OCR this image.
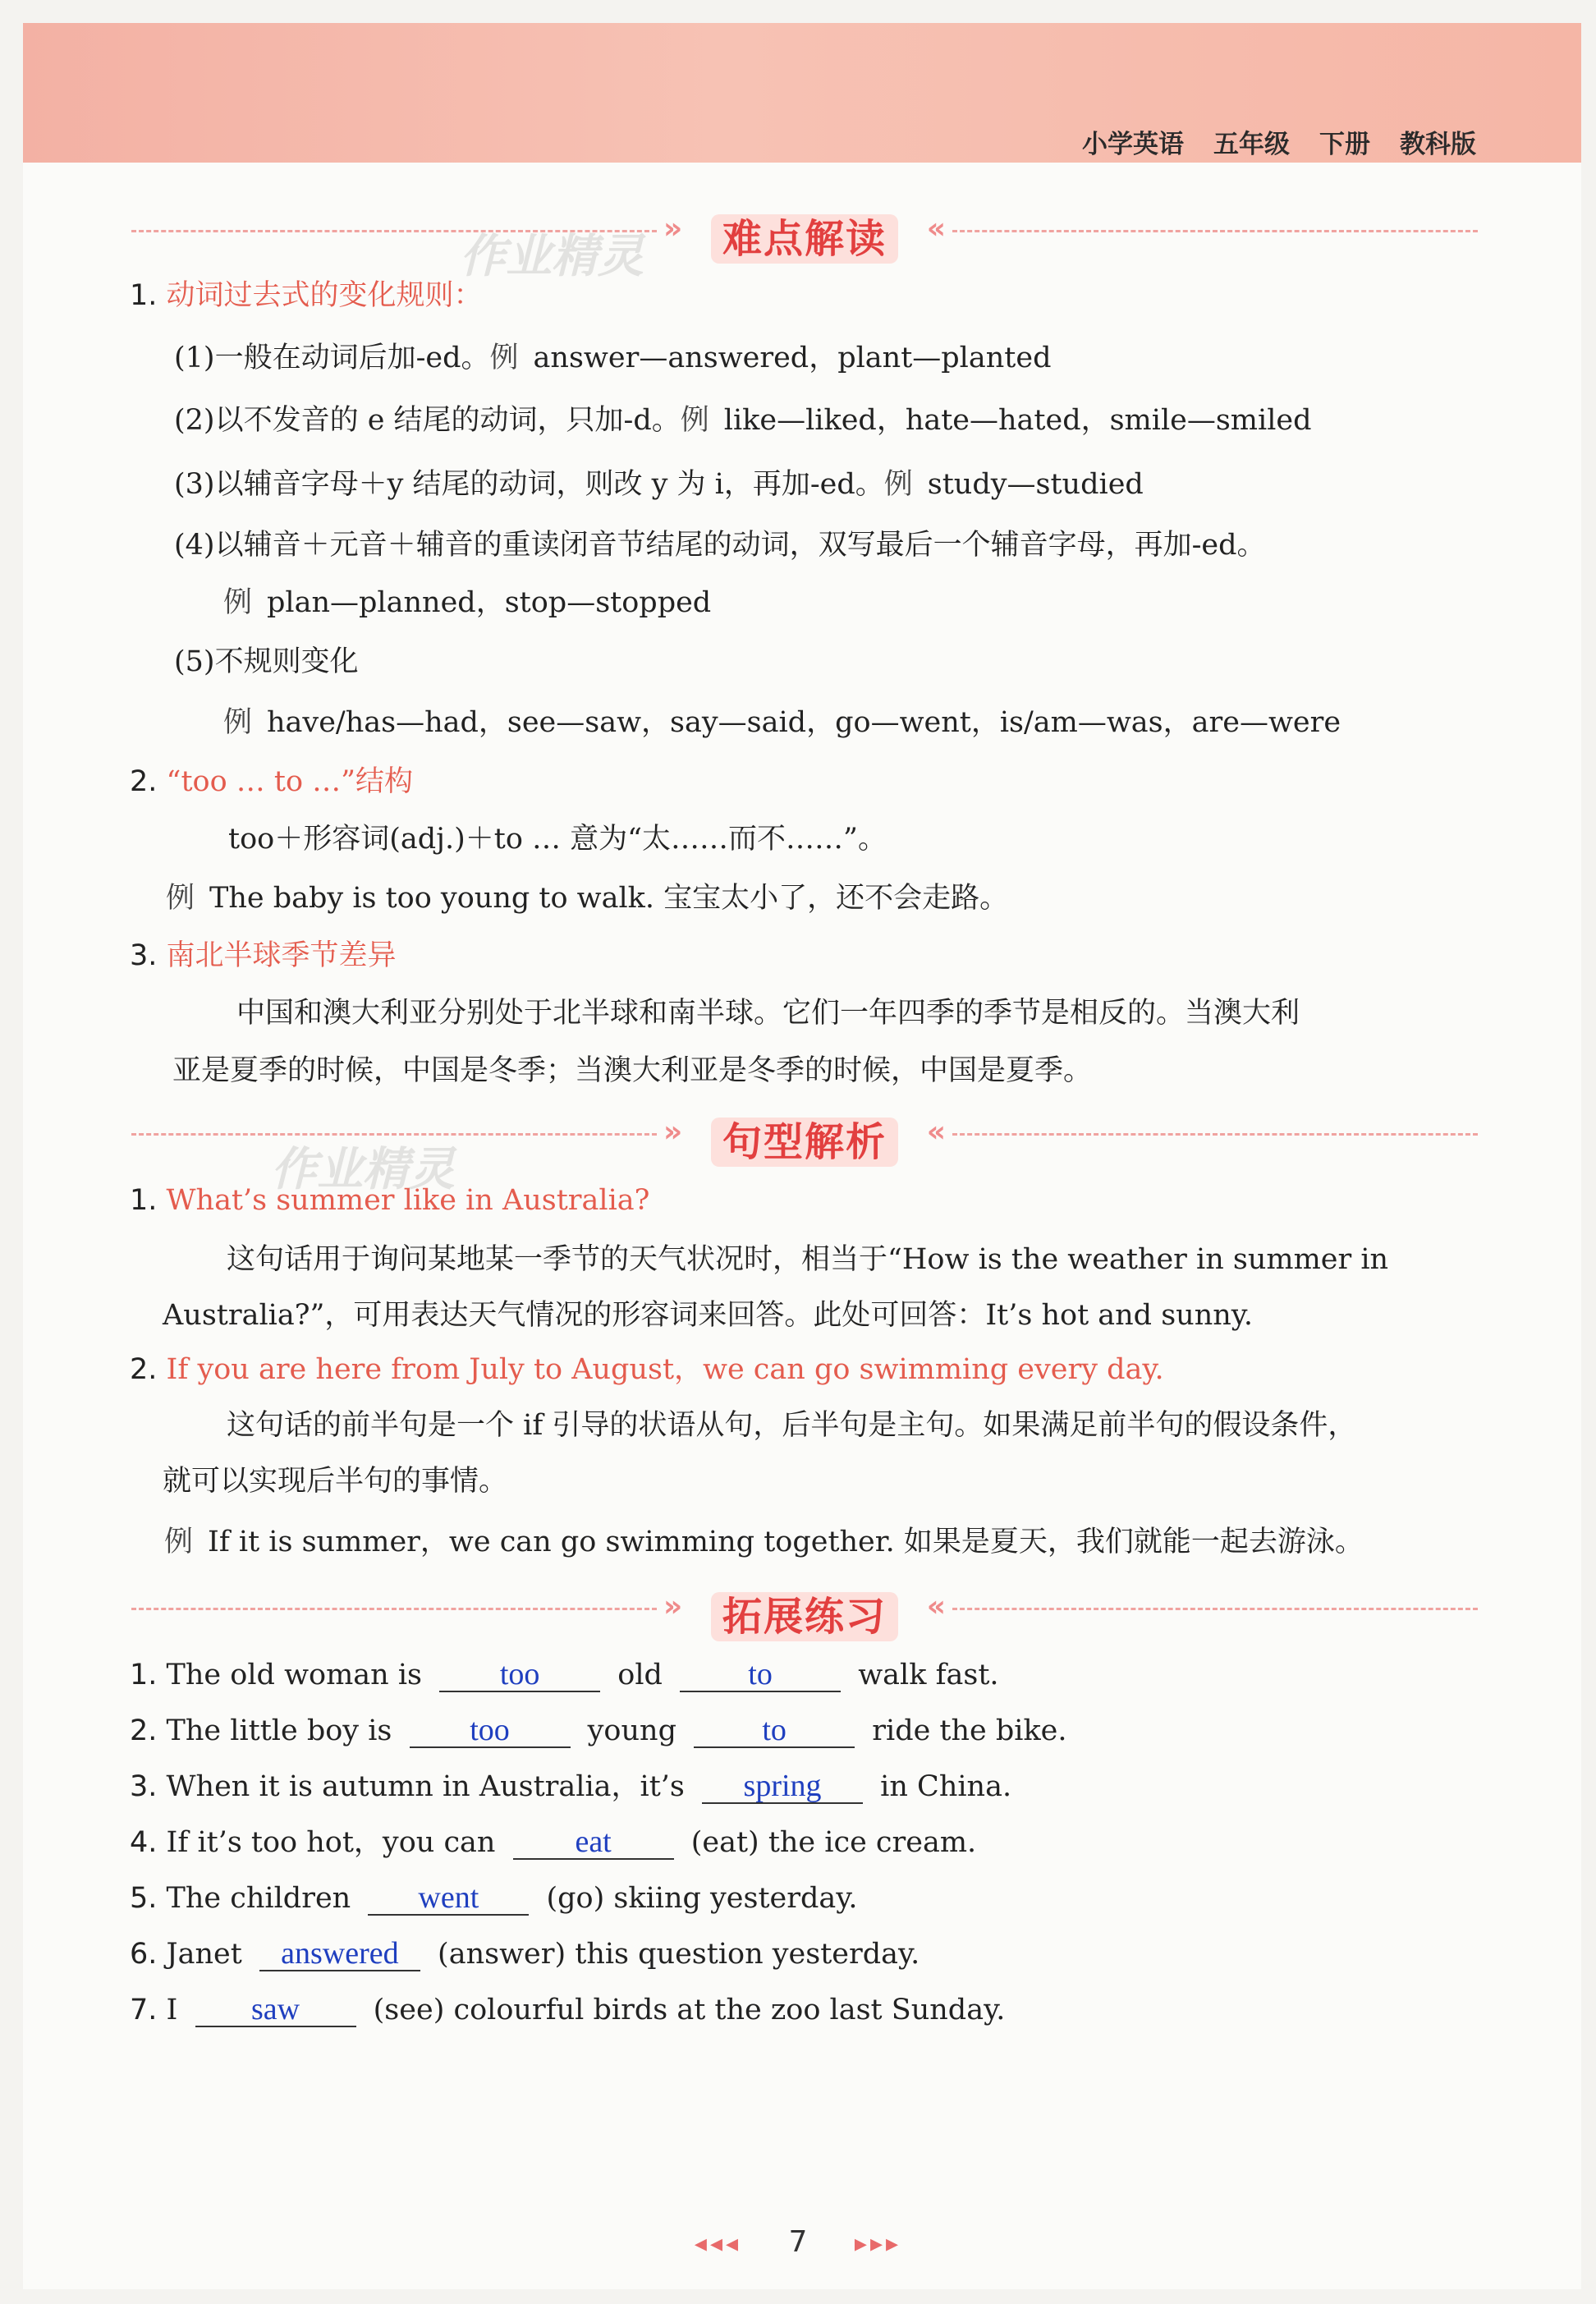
小学英语 五年级 下册 教科版
»	难点解读	«
作业精灵
1. 动词过去式的变化规则：
(1)一般在动词后加-ed。例 answer—answered，plant—planted
(2)以不发音的 e 结尾的动词，只加-d。例 like—liked，hate—hated，smile—smiled
(3)以辅音字母＋y 结尾的动词，则改 y 为 i，再加-ed。例 study—studied
(4)以辅音＋元音＋辅音的重读闭音节结尾的动词，双写最后一个辅音字母，再加-ed。
例 plan—planned，stop—stopped
(5)不规则变化
例 have/has—had，see—saw，say—said，go—went，is/am—was，are—were
2. “too … to …”结构
too＋形容词(adj.)＋to … 意为“太……而不……”。
例 The baby is too young to walk. 宝宝太小了，还不会走路。
3. 南北半球季节差异
中国和澳大利亚分别处于北半球和南半球。它们一年四季的季节是相反的。当澳大利
亚是夏季的时候，中国是冬季；当澳大利亚是冬季的时候，中国是夏季。
»	句型解析	«
作业精灵
1. What’s summer like in Australia?
这句话用于询问某地某一季节的天气状况时，相当于“How is the weather in summer in
Australia?”，可用表达天气情况的形容词来回答。此处可回答：It’s hot and sunny.
2. If you are here from July to August，we can go swimming every day.
这句话的前半句是一个 if 引导的状语从句，后半句是主句。如果满足前半句的假设条件，
就可以实现后半句的事情。
例 If it is summer，we can go swimming together. 如果是夏天，我们就能一起去游泳。
»	拓展练习	«
1. The old woman is too	old	to	walk fast.
2. The little boy is too	young	to	ride the bike.
3. When it is autumn in Australia，it’s spring in China.
4. If it’s too hot，you can	eat	(eat) the ice cream.
5. The children went (go) skiing yesterday.
6. Janet answered (answer) this question yesterday.
7. I saw	(see) colourful birds at the zoo last Sunday.
◂◂◂ 7 ▸▸▸
